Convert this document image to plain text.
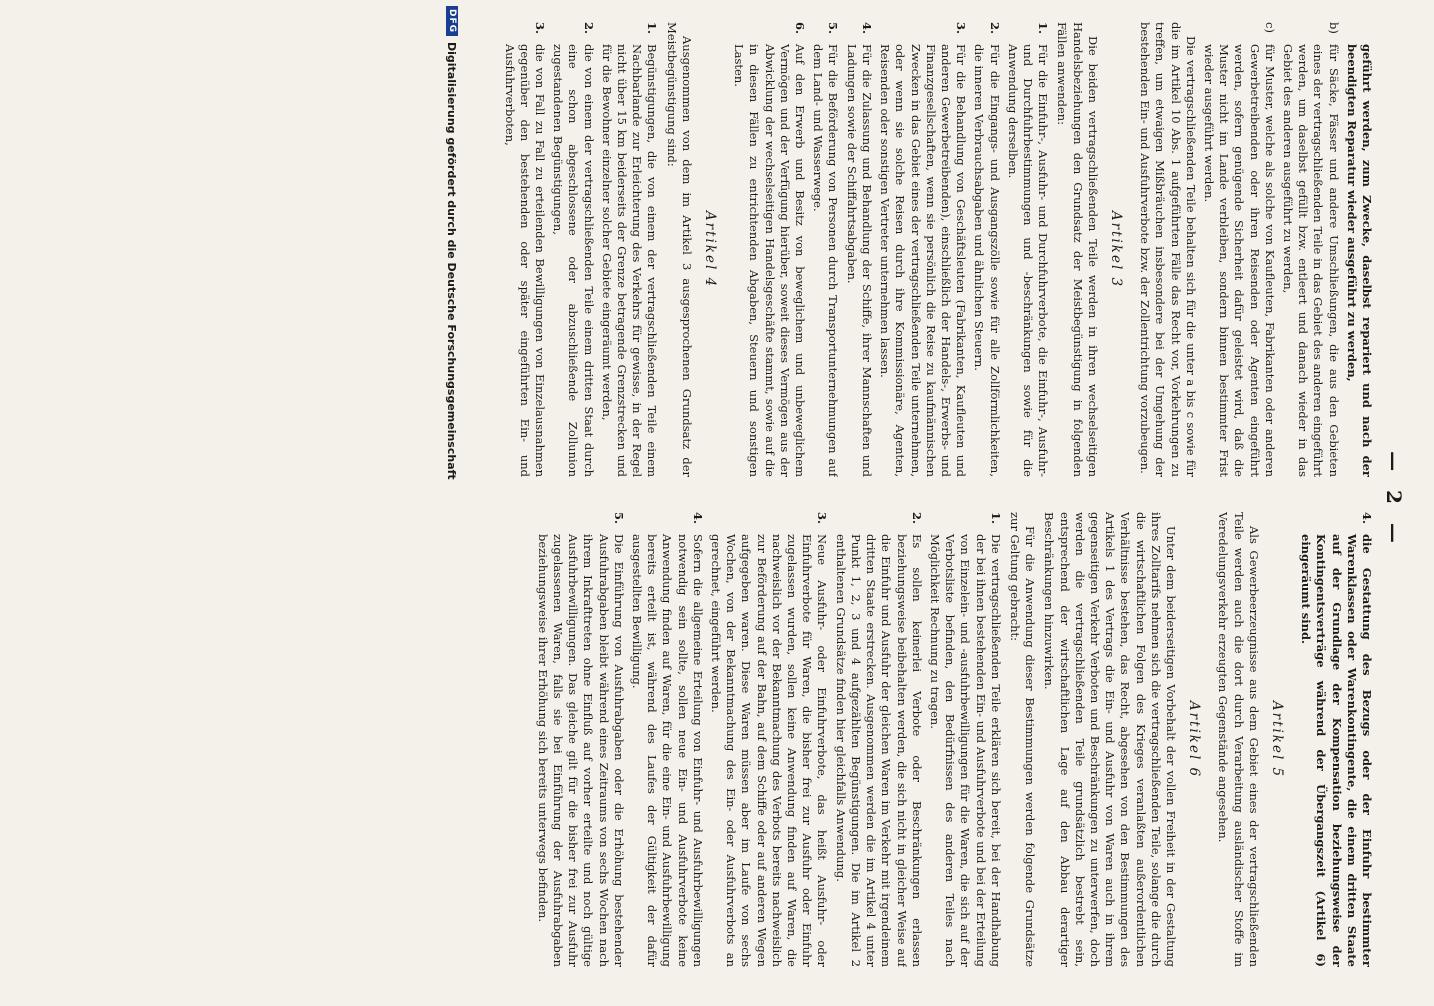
— 2 —
geführt werden, zum Zwecke, daselbst repariert und nach der beendigten Reparatur wieder ausgeführt zu werden,
b)
für Säcke, Fässer und andere Umschließungen, die aus den Gebieten eines der vertragschließenden Teile in das Gebiet des anderen eingeführt werden, um daselbst gefüllt bzw. entleert und danach wieder in das Gebiet des anderen ausgeführt zu werden,
c)
für Muster, welche als solche von Kaufleuten, Fabrikanten oder anderen Gewerbetreibenden oder ihren Reisenden oder Agenten eingeführt werden, sofern genügende Sicherheit dafür geleistet wird, daß die Muster nicht im Lande verbleiben, sondern binnen bestimmter Frist wieder ausgeführt werden.

Die vertragschließenden Teile behalten sich für die unter a bis c sowie für die im Artikel 10 Abs. 1 aufgeführten Fälle das Recht vor, Vorkehrungen zu treffen, um etwaigen Mißbräuchen insbesondere bei der Umgehung der bestehenden Ein- und Ausfuhrverbote bzw. der Zollentrichtung vorzubeugen.

Artikel 3

Die beiden vertragschließenden Teile werden in ihren wechselseitigen Handelsbeziehungen den Grundsatz der Meistbegünstigung in folgenden Fällen anwenden:

1.
Für die Einfuhr-, Ausfuhr- und Durchfuhrverbote, die Einfuhr-, Ausfuhr- und Durchfuhrbestimmungen und -beschränkungen sowie für die Anwendung derselben.
2.
Für die Eingangs- und Ausgangszölle sowie für alle Zollförmlichkeiten, die inneren Verbrauchsabgaben und ähnlichen Steuern.
3.
Für die Behandlung von Geschäftsleuten (Fabrikanten, Kaufleuten und anderen Gewerbetreibenden), einschließlich der Handels-, Erwerbs- und Finanzgesellschaften, wenn sie persönlich die Reise zu kaufmännischen Zwecken in das Gebiet eines der vertragschließenden Teile unternehmen, oder wenn sie solche Reisen durch ihre Kommissionäre, Agenten, Reisenden oder sonstigen Vertreter unternehmen lassen.
4.
Für die Zulassung und Behandlung der Schiffe, ihrer Mannschaften und Ladungen sowie der Schiffahrtsabgaben.
5.
Für die Beförderung von Personen durch Transportunternehmungen auf dem Land- und Wasserwege.
6.
Auf den Erwerb und Besitz von beweglichem und unbeweglichem Vermögen und der Verfügung hierüber, soweit dieses Vermögen aus der Abwicklung der wechselseitigen Handelsgeschäfte stammt, sowie auf die in diesen Fällen zu entrichtenden Abgaben, Steuern und sonstigen Lasten.
Artikel 4

Ausgenommen von dem im Artikel 3 ausgesprochenen Grundsatz der Meistbegünstigung sind:

1.
Begünstigungen, die von einem der vertragschließenden Teile einem Nachbarlande zur Erleichterung des Verkehrs für gewisse, in der Regel nicht über 15 km beiderseits der Grenze betragende Grenzstrecken und für die Bewohner einzelner solcher Gebiete eingeräumt werden,
2.
die von einem der vertragschließenden Teile einem dritten Staat durch eine schon abgeschlossene oder abzuschließende Zollunion zugestandenen Begünstigungen,
3.
die von Fall zu Fall zu erteilenden Bewilligungen von Einzelausnahmen gegenüber den bestehenden oder später eingeführten Ein- und Ausfuhrverboten,
4.
die Gestattung des Bezugs oder der Einfuhr bestimmter Warenklassen oder Warenkontingente, die einem dritten Staate auf der Grundlage der Kompensation beziehungsweise der Kontingentsverträge während der Übergangszeit (Artikel 6) eingeräumt sind.
Artikel 5

Als Gewerbeerzeugnisse aus dem Gebiet eines der vertragschließenden Teile werden auch die dort durch Verarbeitung ausländischer Stoffe im Veredelungsverkehr erzeugten Gegenstände angesehen.

Artikel 6

Unter dem beiderseitigen Vorbehalt der vollen Freiheit in der Gestaltung ihres Zolltarifs nehmen sich die vertragschließenden Teile, solange die durch die wirtschaftlichen Folgen des Krieges veranlaßten außerordentlichen Verhältnisse bestehen, das Recht, abgesehen von den Bestimmungen des Artikels 1 des Vertrags die Ein- und Ausfuhr von Waren auch in ihrem gegenseitigen Verkehr Verboten und Beschränkungen zu unterwerfen, doch werden die vertragschließenden Teile grundsätzlich bestrebt sein, entsprechend der wirtschaftlichen Lage auf den Abbau derartiger Beschränkungen hinzuwirken.

Für die Anwendung dieser Bestimmungen werden folgende Grundsätze zur Geltung gebracht:

1.
Die vertragschließenden Teile erklären sich bereit, bei der Handhabung der bei ihnen bestehenden Ein- und Ausfuhrverbote und bei der Erteilung von Einzelein- und -ausfuhrbewilligungen für die Waren, die sich auf der Verbotsliste befinden, den Bedürfnissen des anderen Teiles nach Möglichkeit Rechnung zu tragen.
2.
Es sollen keinerlei Verbote oder Beschränkungen erlassen beziehungsweise beibehalten werden, die sich nicht in gleicher Weise auf die Einfuhr und Ausfuhr der gleichen Waren im Verkehr mit irgendeinem dritten Staate erstrecken. Ausgenommen werden die im Artikel 4 unter Punkt 1, 2, 3 und 4 aufgezählten Begünstigungen. Die im Artikel 2 enthaltenen Grundsätze finden hier gleichfalls Anwendung.
3.
Neue Ausfuhr- oder Einfuhrverbote, das heißt Ausfuhr- oder Einfuhrverbote für Waren, die bisher frei zur Ausfuhr oder Einfuhr zugelassen wurden, sollen keine Anwendung finden auf Waren, die nachweislich vor der Bekanntmachung des Verbots bereits nachweislich zur Beförderung auf der Bahn, auf dem Schiffe oder auf anderen Wegen aufgegeben waren. Diese Waren müssen aber im Laufe von sechs Wochen, von der Bekanntmachung des Ein- oder Ausfuhrverbots an gerechnet, eingeführt werden.
4.
Sofern die allgemeine Erteilung von Einfuhr- und Ausfuhrbewilligungen notwendig sein sollte, sollen neue Ein- und Ausfuhrverbote keine Anwendung finden auf Waren, für die eine Ein- und Ausfuhrbewilligung bereits erteilt ist, während des Laufes der Gültigkeit der dafür ausgestellten Bewilligung.
5.
Die Einführung von Ausfuhrabgaben oder die Erhöhung bestehender Ausfuhrabgaben bleibt während eines Zeitraums von sechs Wochen nach ihrem Inkrafttreten ohne Einfluß auf vorher erteilte und noch gültige Ausfuhrbewilligungen. Das gleiche gilt für die bisher frei zur Ausfuhr zugelassenen Waren, falls sie bei Einführung der Ausfuhrabgaben beziehungsweise ihrer Erhöhung sich bereits unterwegs befinden.
DFG
Digitalisierung gefördert durch die Deutsche Forschungsgemeinschaft
